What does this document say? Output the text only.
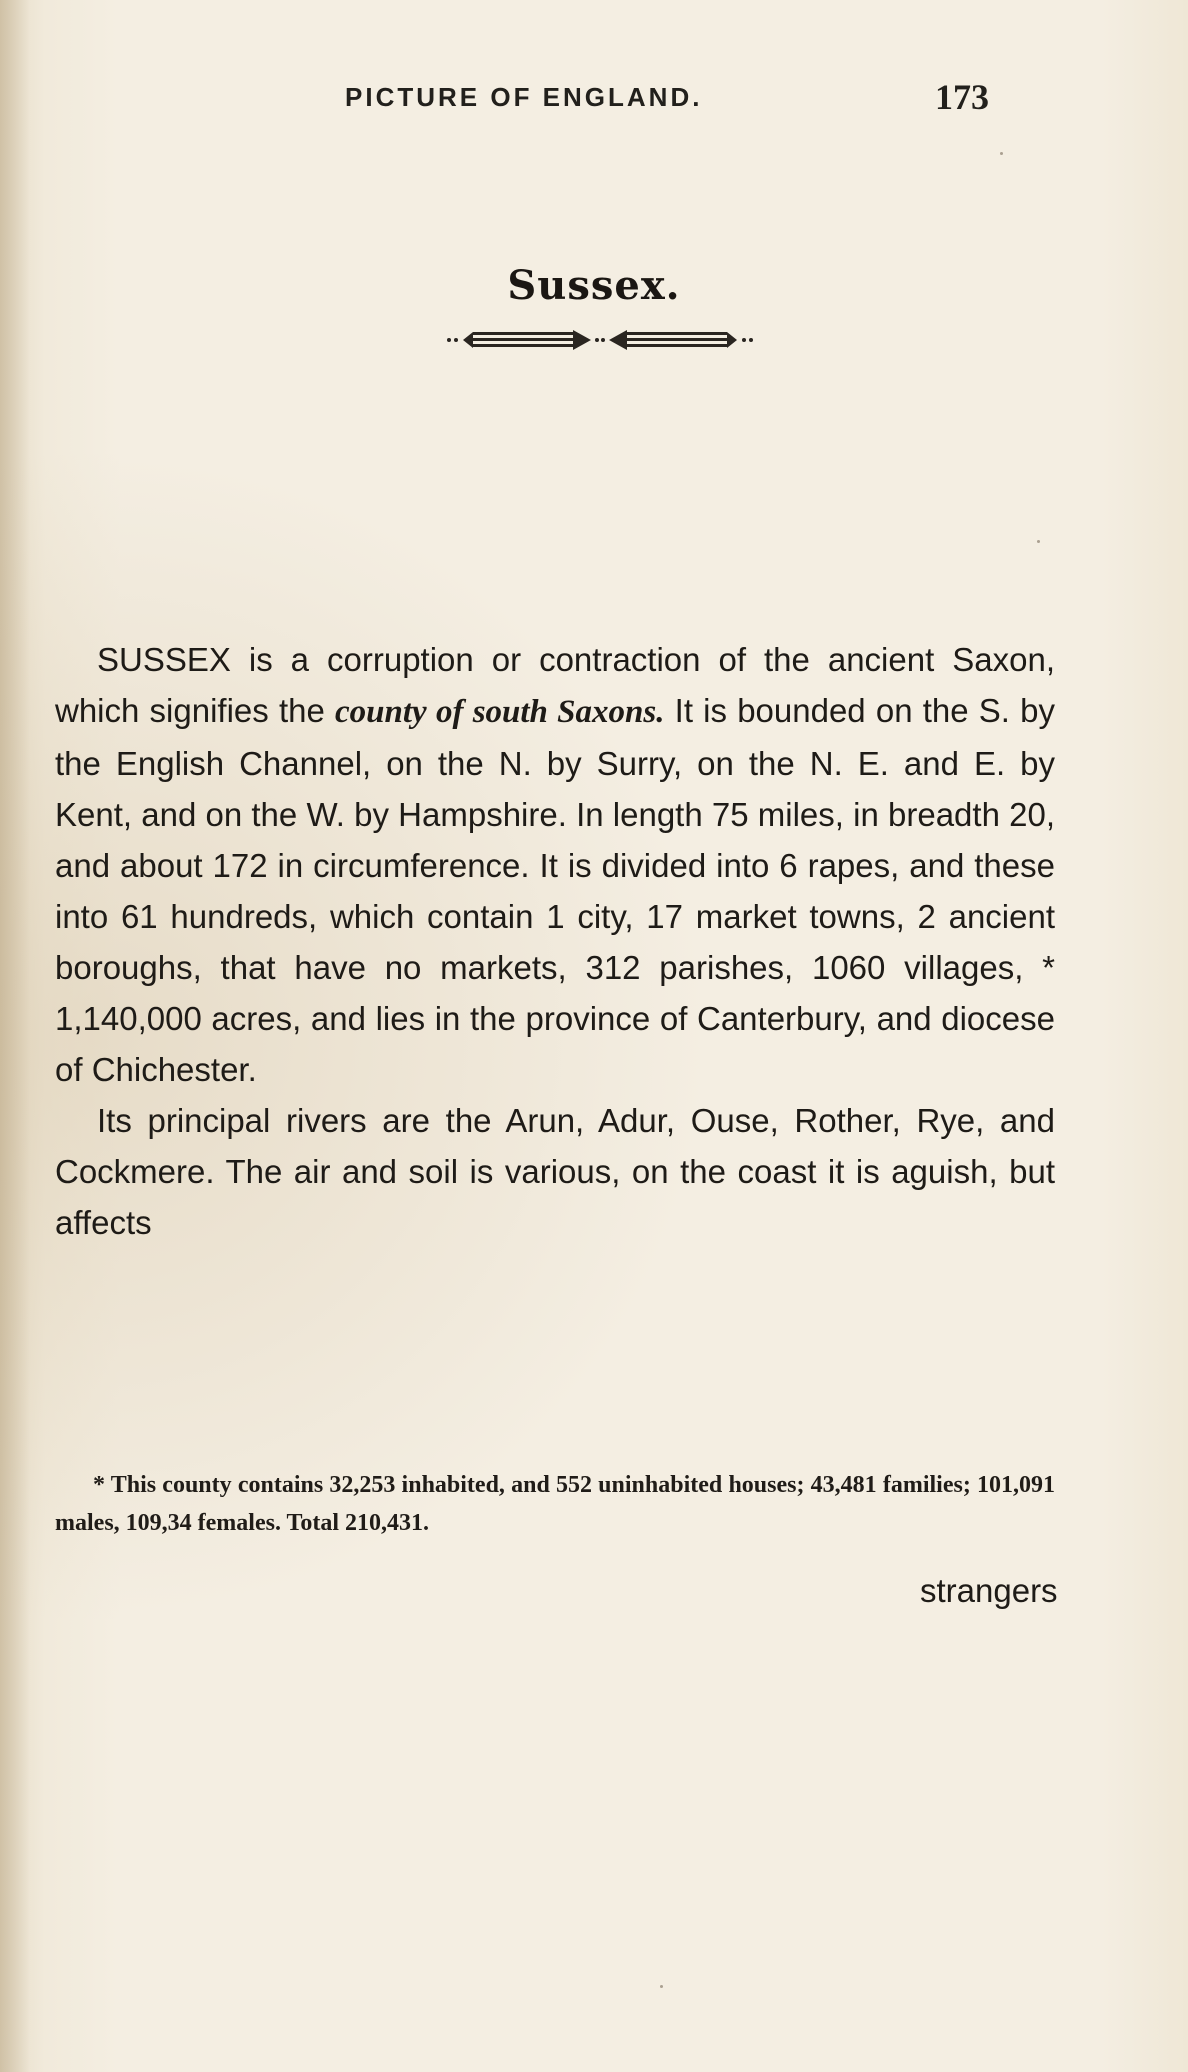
PICTURE OF ENGLAND.	173
Sussex.

SUSSEX is a corruption or contraction of the ancient Saxon, which signifies the county of south Saxons. It is bounded on the S. by the English Channel, on the N. by Surry, on the N. E. and E. by Kent, and on the W. by Hampshire. In length 75 miles, in breadth 20, and about 172 in circumference. It is divided into 6 rapes, and these into 61 hundreds, which contain 1 city, 17 market towns, 2 ancient boroughs, that have no markets, 312 parishes, 1060 villages, * 1,140,000 acres, and lies in the province of Canterbury, and diocese of Chichester.

Its principal rivers are the Arun, Adur, Ouse, Rother, Rye, and Cockmere. The air and soil is various, on the coast it is aguish, but affects

* This county contains 32,253 inhabited, and 552 uninhabited houses; 43,481 families; 101,091 males, 109,34 females. Total 210,431.
strangers
